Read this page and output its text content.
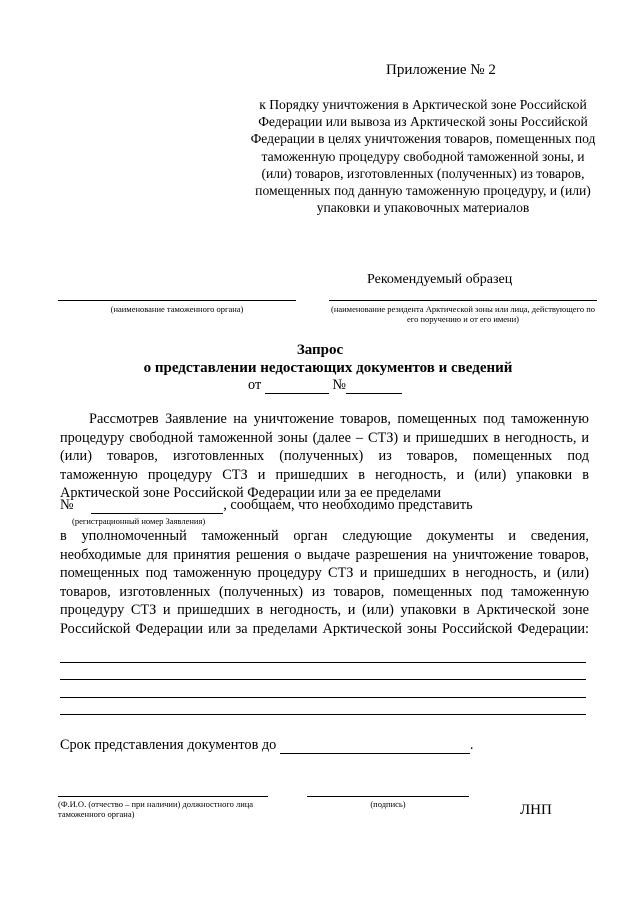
Приложение № 2
к Порядку уничтожения в Арктической зоне Российской Федерации или вывоза из Арктической зоны Российской Федерации в целях уничтожения товаров, помещенных под таможенную процедуру свободной таможенной зоны, и (или) товаров, изготовленных (полученных) из товаров, помещенных под данную таможенную процедуру, и (или) упаковки и упаковочных материалов
Рекомендуемый образец
(наименование таможенного органа)	(наименование резидента Арктической зоны или лица, действующего по его поручению и от его имени)
Запрос
о представлении недостающих документов и сведений
от	№
Рассмотрев Заявление на уничтожение товаров, помещенных под таможенную процедуру свободной таможенной зоны (далее – СТЗ) и пришедших в негодность, и (или) товаров, изготовленных (полученных) из товаров, помещенных под таможенную процедуру СТЗ и пришедших в негодность, и (или) упаковки в Арктической зоне Российской Федерации или за ее пределами
№	, сообщаем, что необходимо представить
(регистрационный номер Заявления)
в уполномоченный таможенный орган следующие документы и сведения, необходимые для принятия решения о выдаче разрешения на уничтожение товаров, помещенных под таможенную процедуру СТЗ и пришедших в негодность, и (или) товаров, изготовленных (полученных) из товаров, помещенных под таможенную процедуру СТЗ и пришедших в негодность, и (или) упаковки в Арктической зоне Российской Федерации или за пределами Арктической зоны Российской Федерации:
Срок представления документов до	.
(Ф.И.О. (отчество – при наличии) должностного лица таможенного органа)
(подпись)	ЛНП
